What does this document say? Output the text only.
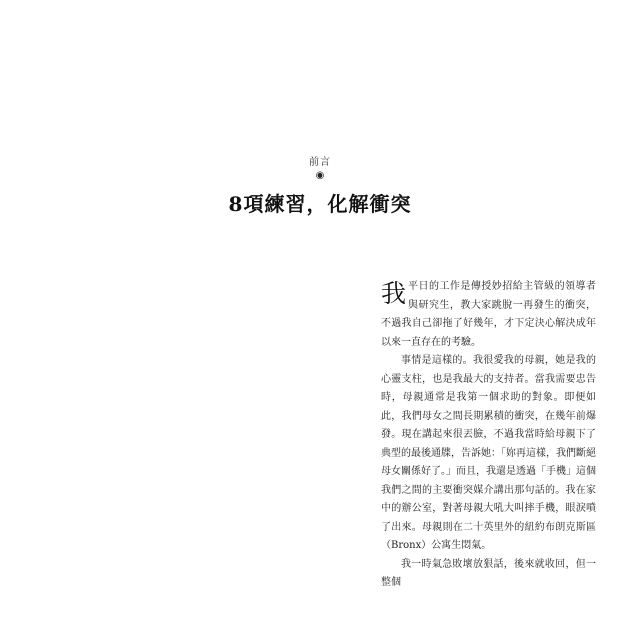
前言
◉
8項練習，化解衝突

我平日的工作是傳授妙招給主管級的領導者與研究生，教大家跳脫一再發生的衝突，不過我自己卻拖了好幾年，才下定決心解決成年以來一直存在的考驗。

事情是這樣的。我很愛我的母親，她是我的心靈支柱，也是我最大的支持者。當我需要忠告時，母親通常是我第一個求助的對象。即便如此，我們母女之間長期累積的衝突，在幾年前爆發。現在講起來很丟臉，不過我當時給母親下了典型的最後通牒，告訴她：「妳再這樣，我們斷絕母女關係好了。」而且，我還是透過「手機」這個我們之間的主要衝突媒介講出那句話的。我在家中的辦公室，對著母親大吼大叫摔手機，眼淚噴了出來。母親則在二十英里外的紐約布朗克斯區（Bronx）公寓生悶氣。

我一時氣急敗壞放狠話，後來就收回，但一整個
